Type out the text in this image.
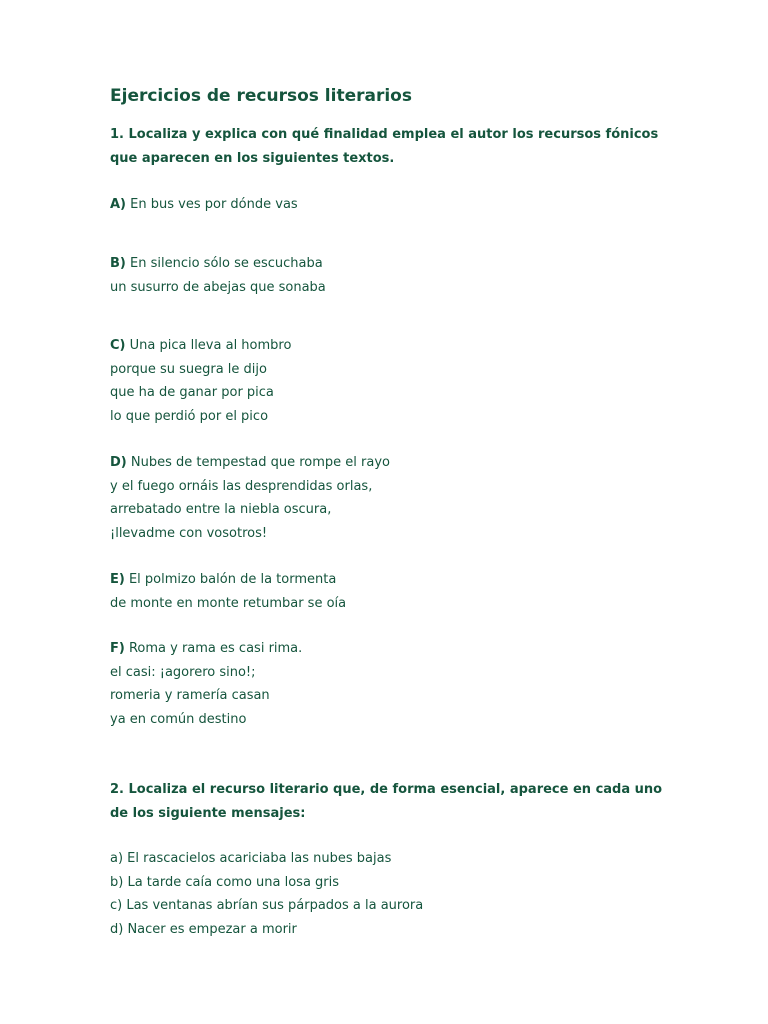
Ejercicios de recursos literarios

1. Localiza y explica con qué finalidad emplea el autor los recursos fónicos
que aparecen en los siguientes textos.

A) En bus ves por dónde vas
B) En silencio sólo se escuchaba
un susurro de abejas que sonaba
C) Una pica lleva al hombro
porque su suegra le dijo
que ha de ganar por pica
lo que perdió por el pico
D) Nubes de tempestad que rompe el rayo
y el fuego ornáis las desprendidas orlas,
arrebatado entre la niebla oscura,
¡llevadme con vosotros!
E) El polmizo balón de la tormenta
de monte en monte retumbar se oía
F) Roma y rama es casi rima.
el casi: ¡agorero sino!;
romeria y ramería casan
ya en común destino

2. Localiza el recurso literario que, de forma esencial, aparece en cada uno
de los siguiente mensajes:

a) El rascacielos acariciaba las nubes bajas
b) La tarde caía como una losa gris
c) Las ventanas abrían sus párpados a la aurora
d) Nacer es empezar a morir
